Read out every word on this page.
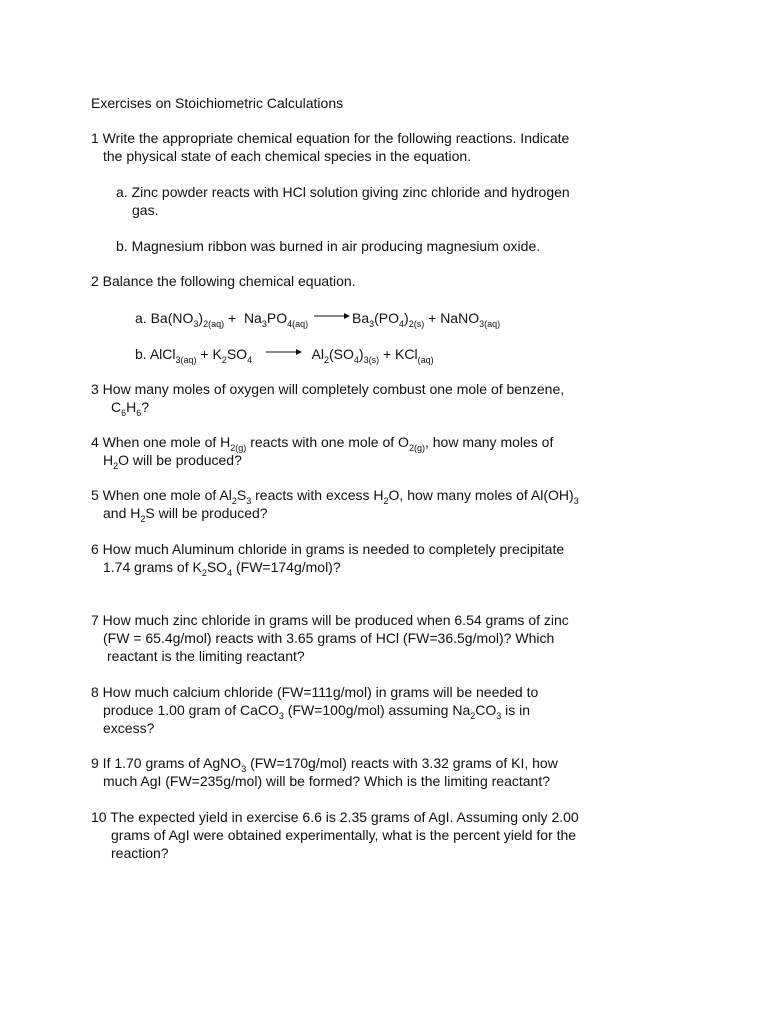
Exercises on Stoichiometric Calculations

1 Write the appropriate chemical equation for the following reactions. Indicate

the physical state of each chemical species in the equation.

a. Zinc powder reacts with HCl solution giving zinc chloride and hydrogen

gas.

b. Magnesium ribbon was burned in air producing magnesium oxide.

2 Balance the following chemical equation.

a. $Ba(NO_3)_{2(aq)} + Na_3PO_{4(aq)} \to Ba_3(PO_4)_{2(s)}$ + NaNO$_{3(aq)}$

b. AlCl$_{3(aq)}$ + $K_2SO_4 \to Al_2(SO_4)_{3(s)} + KCl_{(aq)}$

3 How many moles of oxygen will completely combust one mole of benzene,

$C_6H_6$?

4 When one mole of $H_{2(g)}$ reacts with one mole of $O_{2(g)}$, how many moles of

$H_2O$ will be produced?

5 When one mole of $Al_2S_3$ reacts with excess $H_2O$, how many moles of $Al(OH)_3$

and $H_2S$ will be produced?

6 How much Aluminum chloride in grams is needed to completely precipitate

1.74 grams of $K_2SO_4$ (FW=174g/mol)?

7 How much zinc chloride in grams will be produced when 6.54 grams of zinc

(FW = 65.4g/mol) reacts with 3.65 grams of HCl (FW=36.5g/mol)? Which

reactant is the limiting reactant?

8 How much calcium chloride (FW=111g/mol) in grams will be needed to

produce 1.00 gram of CaCO$_3$ (FW=100g/mol) assuming $Na_2CO_3$ is in

excess?

9 If 1.70 grams of AgNO$_3$ (FW=170g/mol) reacts with 3.32 grams of KI, how

much AgI (FW=235g/mol) will be formed? Which is the limiting reactant?

10 The expected yield in exercise 6.6 is 2.35 grams of AgI. Assuming only 2.00

grams of AgI were obtained experimentally, what is the percent yield for the

reaction?
